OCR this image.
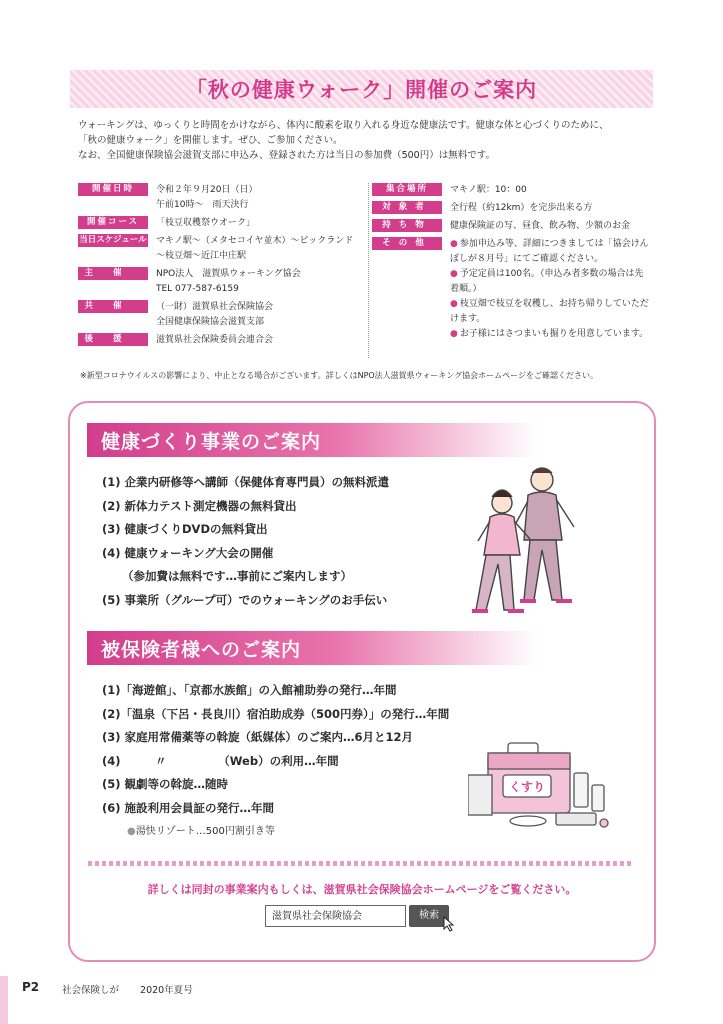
「秋の健康ウォーク」開催のご案内

ウォーキングは、ゆっくりと時間をかけながら、体内に酸素を取り入れる身近な健康法です。健康な体と心づくりのために、

「秋の健康ウォーク」を開催します。ぜひ、ご参加ください。

なお、全国健康保険協会滋賀支部に申込み、登録された方は当日の参加費（500円）は無料です。

開催日時	令和２年９月20日（日）
午前10時〜　雨天決行
開催コース	「枝豆収穫祭ウオーク」
当日スケジュール マキノ駅〜（メタセコイヤ並木）〜ピックランド
〜枝豆畑〜近江中庄駅
主催	NPO法人　滋賀県ウォーキング協会
TEL 077-587-6159
共催	（一財）滋賀県社会保険協会
全国健康保険協会滋賀支部
後援	滋賀県社会保険委員会連合会
集合場所	マキノ駅：10：00
対象者	全行程（約12km）を完歩出来る方
持ち物	健康保険証の写、昼食、飲み物、少額のお金
その他	● 参加申込み等、詳細につきましては「協会けんぽしが８月号」にてご確認ください。
● 予定定員は100名。（申込み者多数の場合は先着順。）
● 枝豆畑で枝豆を収穫し、お持ち帰りしていただけます。
● お子様にはさつまいも掘りを用意しています。
※新型コロナウイルスの影響により、中止となる場合がございます。詳しくはNPO法人滋賀県ウォーキング協会ホームページをご確認ください。
健康づくり事業のご案内
(1) 企業内研修等へ講師（保健体育専門員）の無料派遣
(2) 新体力テスト測定機器の無料貸出
(3) 健康づくりDVDの無料貸出
(4) 健康ウォーキング大会の開催
（参加費は無料です…事前にご案内します）
(5) 事業所（グループ可）でのウォーキングのお手伝い
被保険者様へのご案内
(1)「海遊館」、「京都水族館」の入館補助券の発行…年間
(2)「温泉（下呂・長良川）宿泊助成券（500円券）」の発行…年間
(3) 家庭用常備薬等の斡旋（紙媒体）のご案内…6月と12月
(4)　　　〃　　　　　（Web）の利用…年間
(5) 観劇等の斡旋…随時
(6) 施設利用会員証の発行…年間
●湯快リゾート…500円割引き等
くすり
詳しくは同封の事業案内もしくは、滋賀県社会保険協会ホームページをご覧ください。
滋賀県社会保険協会	検索
P2 社会保険しが 2020年夏号
